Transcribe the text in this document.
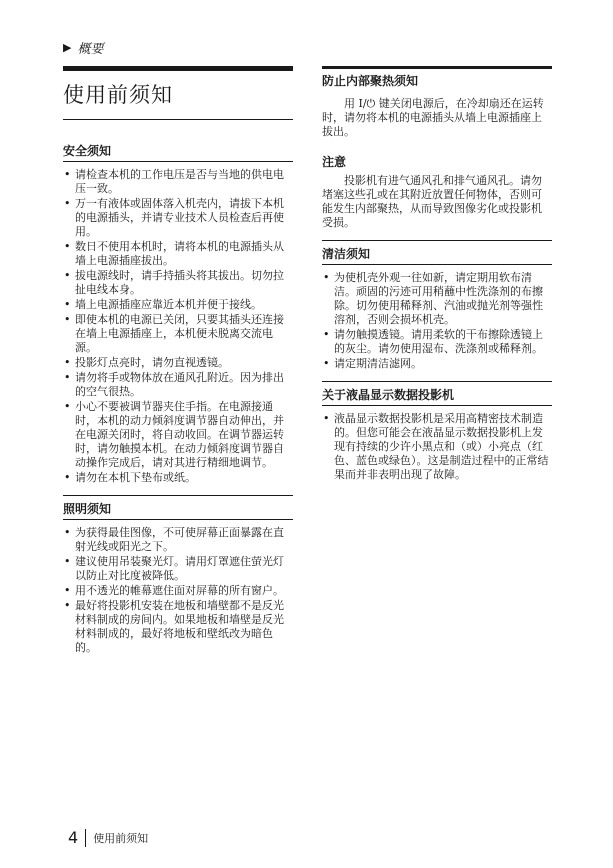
▶ 概要
使用前须知
安全须知
• 请检查本机的工作电压是否与当地的供电电压一致。
• 万一有液体或固体落入机壳内，请拔下本机的电源插头，并请专业技术人员检查后再使用。
• 数日不使用本机时，请将本机的电源插头从墙上电源插座拔出。
• 拔电源线时，请手持插头将其拔出。切勿拉扯电线本身。
• 墙上电源插座应靠近本机并便于接线。
• 即使本机的电源已关闭，只要其插头还连接在墙上电源插座上，本机便未脱离交流电源。
• 投影灯点亮时，请勿直视透镜。
• 请勿将手或物体放在通风孔附近。因为排出的空气很热。
• 小心不要被调节器夹住手指。在电源接通时，本机的动力倾斜度调节器自动伸出，并在电源关闭时，将自动收回。在调节器运转时，请勿触摸本机。在动力倾斜度调节器自动操作完成后，请对其进行精细地调节。
• 请勿在本机下垫布或纸。
照明须知
• 为获得最佳图像，不可使屏幕正面暴露在直射光线或阳光之下。
• 建议使用吊装聚光灯。请用灯罩遮住萤光灯以防止对比度被降低。
• 用不透光的帷幕遮住面对屏幕的所有窗户。
• 最好将投影机安装在地板和墙壁都不是反光材料制成的房间内。如果地板和墙壁是反光材料制成的，最好将地板和壁纸改为暗色的。
防止内部聚热须知

用 I/⏻ 键关闭电源后，在冷却扇还在运转时，请勿将本机的电源插头从墙上电源插座上拔出。

注意

投影机有进气通风孔和排气通风孔。请勿堵塞这些孔或在其附近放置任何物体，否则可能发生内部聚热，从而导致图像劣化或投影机受损。

清洁须知
• 为使机壳外观一往如新，请定期用软布清洁。顽固的污迹可用稍蘸中性洗涤剂的布擦除。切勿使用稀释剂、汽油或抛光剂等强性溶剂，否则会损坏机壳。
• 请勿触摸透镜。请用柔软的干布擦除透镜上的灰尘。请勿使用湿布、洗涤剂或稀释剂。
• 请定期清洁滤网。
关于液晶显示数据投影机
• 液晶显示数据投影机是采用高精密技术制造的。但您可能会在液晶显示数据投影机上发现有持续的少许小黑点和（或）小亮点（红色、蓝色或绿色）。这是制造过程中的正常结果而并非表明出现了故障。
4	使用前须知
